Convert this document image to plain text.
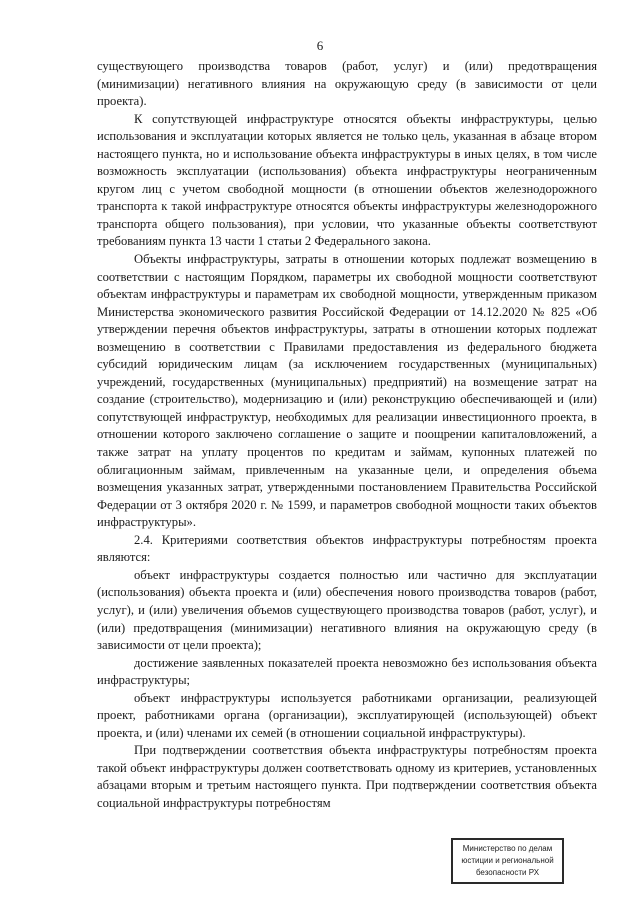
6

существующего производства товаров (работ, услуг) и (или) предотвращения (минимизации) негативного влияния на окружающую среду (в зависимости от цели проекта).

К сопутствующей инфраструктуре относятся объекты инфраструктуры, целью использования и эксплуатации которых является не только цель, указанная в абзаце втором настоящего пункта, но и использование объекта инфраструктуры в иных целях, в том числе возможность эксплуатации (использования) объекта инфраструктуры неограниченным кругом лиц с учетом свободной мощности (в отношении объектов железнодорожного транспорта к такой инфраструктуре относятся объекты инфраструктуры железнодорожного транспорта общего пользования), при условии, что указанные объекты соответствуют требованиям пункта 13 части 1 статьи 2 Федерального закона.

Объекты инфраструктуры, затраты в отношении которых подлежат возмещению в соответствии с настоящим Порядком, параметры их свободной мощности соответствуют объектам инфраструктуры и параметрам их свободной мощности, утвержденным приказом Министерства экономического развития Российской Федерации от 14.12.2020 № 825 «Об утверждении перечня объектов инфраструктуры, затраты в отношении которых подлежат возмещению в соответствии с Правилами предоставления из федерального бюджета субсидий юридическим лицам (за исключением государственных (муниципальных) учреждений, государственных (муниципальных) предприятий) на возмещение затрат на создание (строительство), модернизацию и (или) реконструкцию обеспечивающей и (или) сопутствующей инфраструктур, необходимых для реализации инвестиционного проекта, в отношении которого заключено соглашение о защите и поощрении капиталовложений, а также затрат на уплату процентов по кредитам и займам, купонных платежей по облигационным займам, привлеченным на указанные цели, и определения объема возмещения указанных затрат, утвержденными постановлением Правительства Российской Федерации от 3 октября 2020 г. № 1599, и параметров свободной мощности таких объектов инфраструктуры».

2.4. Критериями соответствия объектов инфраструктуры потребностям проекта являются:

объект инфраструктуры создается полностью или частично для эксплуатации (использования) объекта проекта и (или) обеспечения нового производства товаров (работ, услуг), и (или) увеличения объемов существующего производства товаров (работ, услуг), и (или) предотвращения (минимизации) негативного влияния на окружающую среду (в зависимости от цели проекта);

достижение заявленных показателей проекта невозможно без использования объекта инфраструктуры;

объект инфраструктуры используется работниками организации, реализующей проект, работниками органа (организации), эксплуатирующей (использующей) объект проекта, и (или) членами их семей (в отношении социальной инфраструктуры).

При подтверждении соответствия объекта инфраструктуры потребностям проекта такой объект инфраструктуры должен соответствовать одному из критериев, установленных абзацами вторым и третьим настоящего пункта. При подтверждении соответствия объекта социальной инфраструктуры потребностям

Министерство по делам
юстиции и региональной
безопасности РХ
